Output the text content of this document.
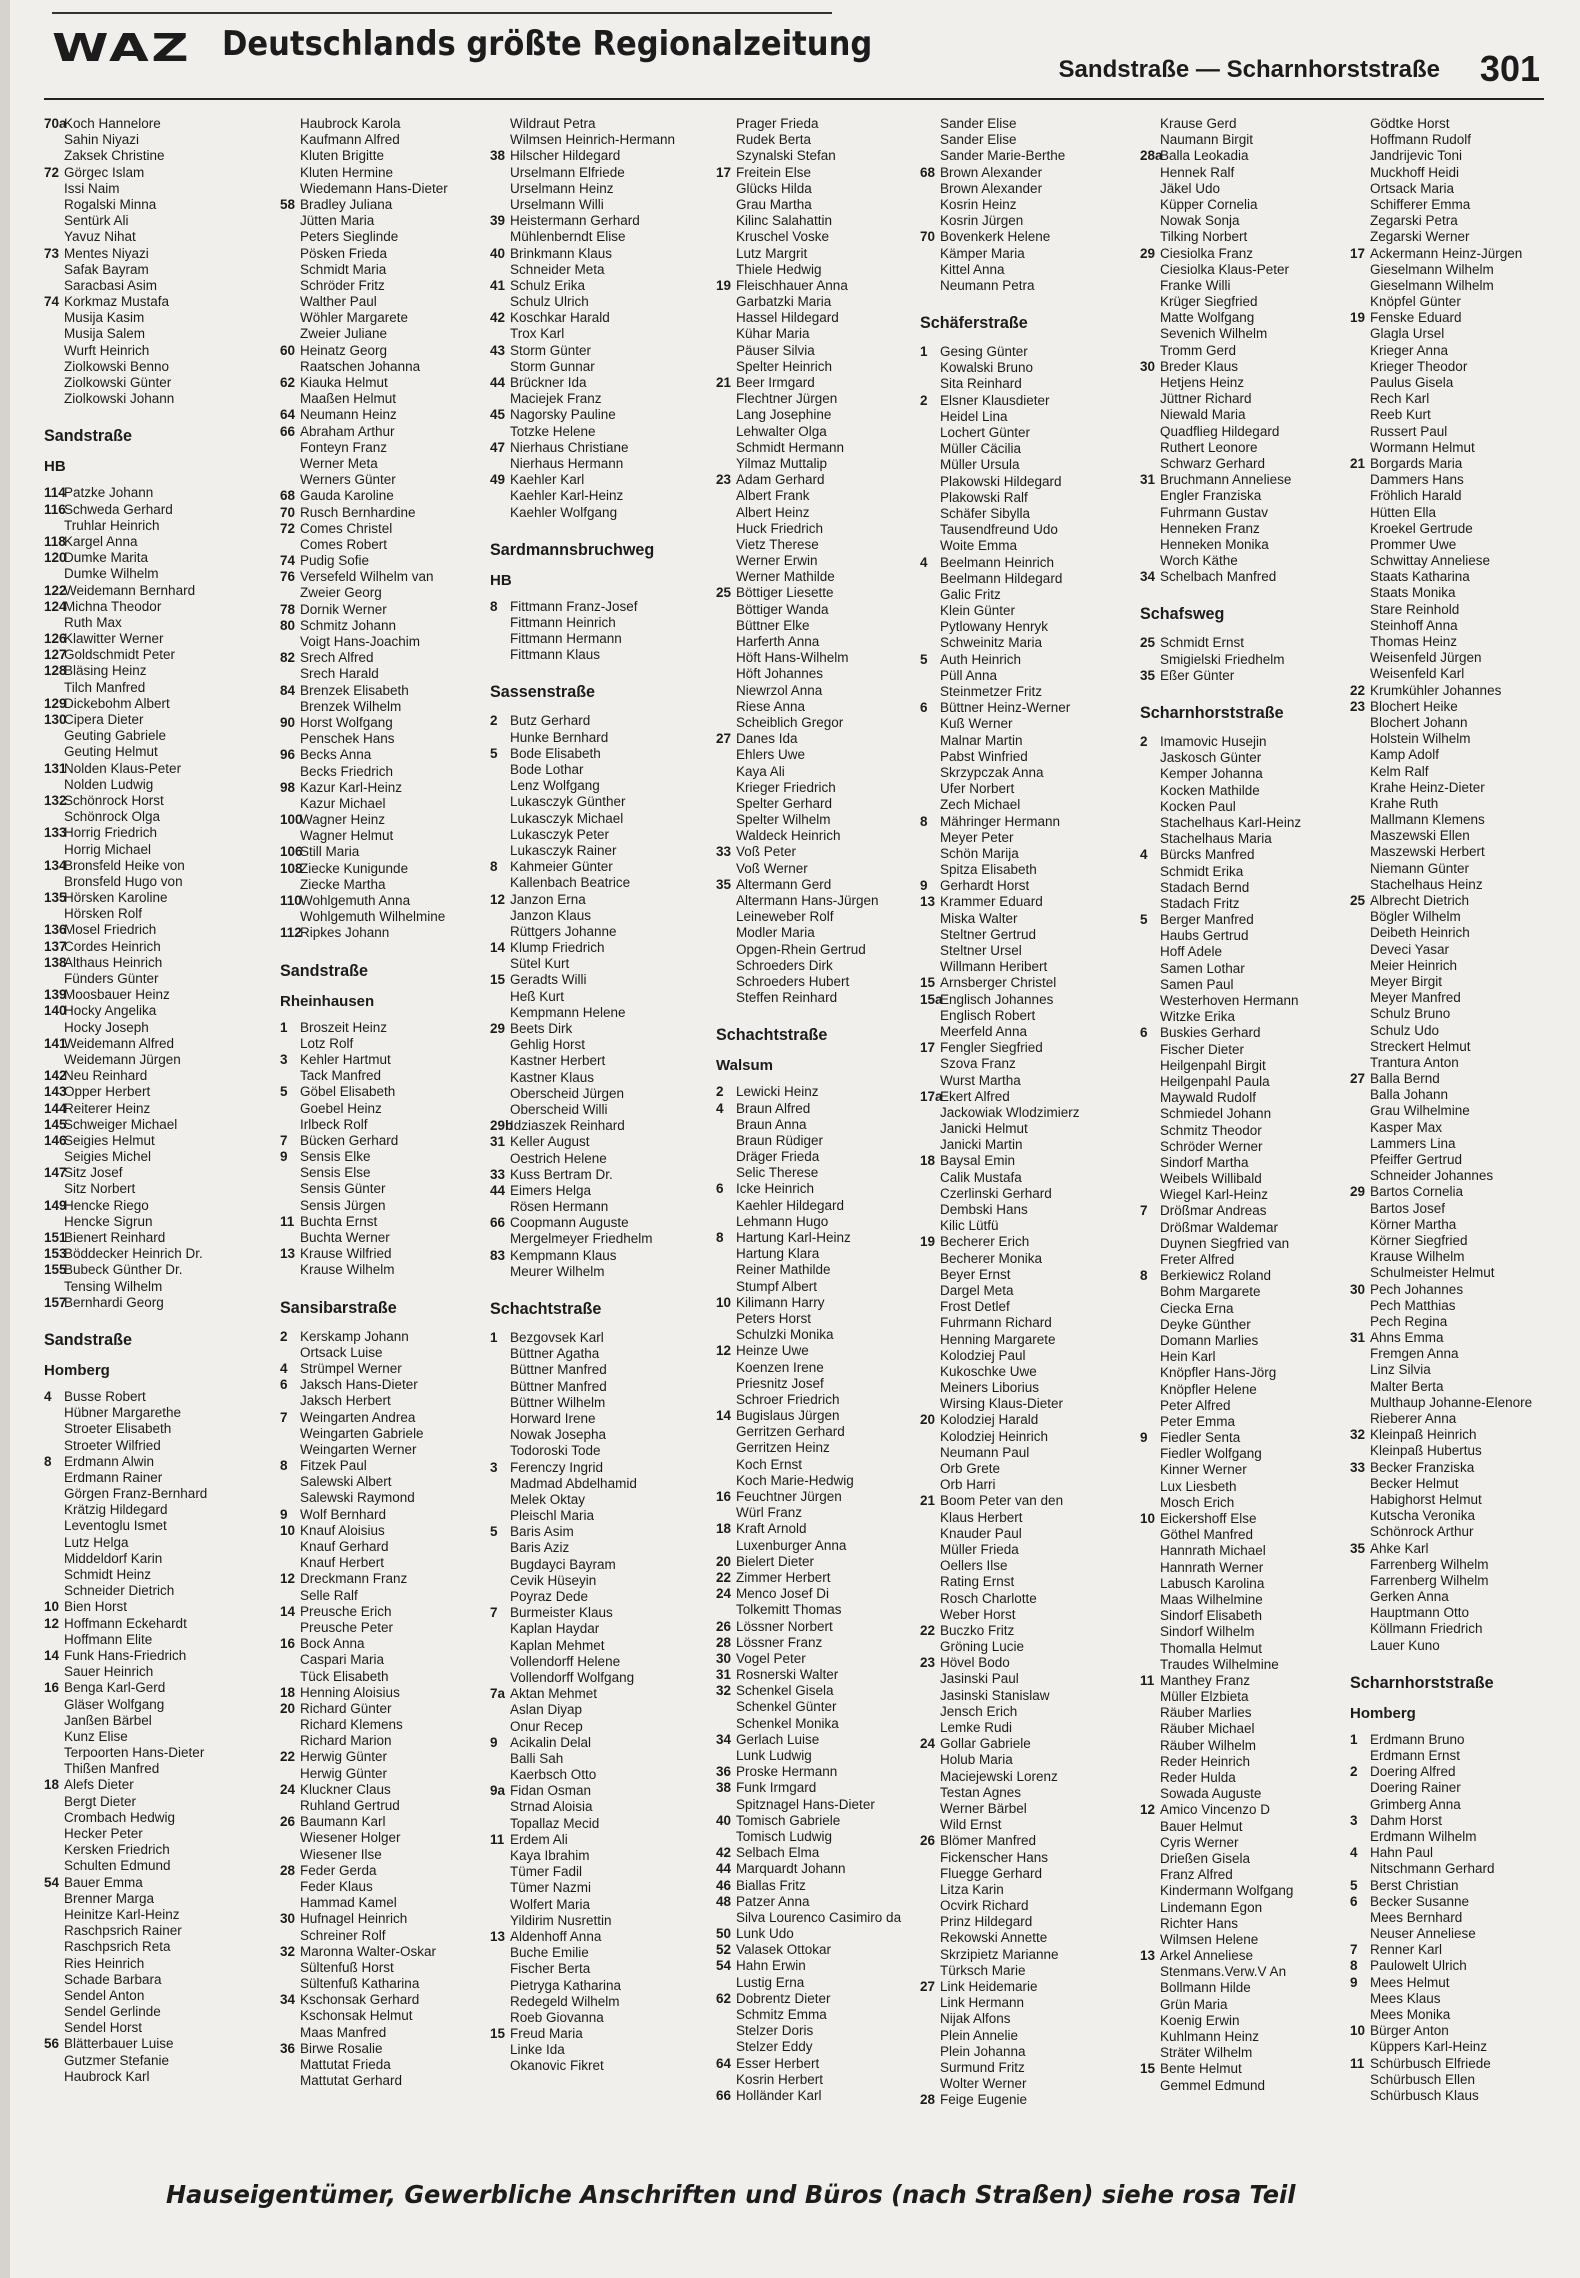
WAZ Deutschlands größte Regionalzeitung
Sandstraße — Scharnhorststraße 301
70aKoch Hannelore
Sahin Niyazi
Zaksek Christine
72 Görgec Islam
Issi Naim
Rogalski Minna
Sentürk Ali
Yavuz Nihat
73 Mentes Niyazi
Safak Bayram
Saracbasi Asim
74 Korkmaz Mustafa
Musija Kasim
Musija Salem
Wurft Heinrich
Ziolkowski Benno
Ziolkowski Günter
Ziolkowski Johann
Sandstraße
HB
114Patzke Johann
116Schweda Gerhard
Truhlar Heinrich
118Kargel Anna
120Dumke Marita
Dumke Wilhelm
122Weidemann Bernhard
124Michna Theodor
Ruth Max
126Klawitter Werner
127Goldschmidt Peter
128Bläsing Heinz
Tilch Manfred
129Dickebohm Albert
130Cipera Dieter
Geuting Gabriele
Geuting Helmut
131Nolden Klaus-Peter
Nolden Ludwig
132Schönrock Horst
Schönrock Olga
133Horrig Friedrich
Horrig Michael
134Bronsfeld Heike von
Bronsfeld Hugo von
135Hörsken Karoline
Hörsken Rolf
136Mosel Friedrich
137Cordes Heinrich
138Althaus Heinrich
Fünders Günter
139Moosbauer Heinz
140Hocky Angelika
Hocky Joseph
141Weidemann Alfred
Weidemann Jürgen
142Neu Reinhard
143Opper Herbert
144Reiterer Heinz
145Schweiger Michael
146Seigies Helmut
Seigies Michel
147Sitz Josef
Sitz Norbert
149Hencke Riego
Hencke Sigrun
151Bienert Reinhard
153Böddecker Heinrich Dr.
155Bubeck Günther Dr.
Tensing Wilhelm
157Bernhardi Georg
Sandstraße
Homberg
4 Busse Robert
Hübner Margarethe
Stroeter Elisabeth
Stroeter Wilfried
8 Erdmann Alwin
Erdmann Rainer
Görgen Franz-Bernhard
Krätzig Hildegard
Leventoglu Ismet
Lutz Helga
Middeldorf Karin
Schmidt Heinz
Schneider Dietrich
10 Bien Horst
12 Hoffmann Eckehardt
Hoffmann Elite
14 Funk Hans-Friedrich
Sauer Heinrich
16 Benga Karl-Gerd
Gläser Wolfgang
Janßen Bärbel
Kunz Elise
Terpoorten Hans-Dieter
Thißen Manfred
18 Alefs Dieter
Bergt Dieter
Crombach Hedwig
Hecker Peter
Kersken Friedrich
Schulten Edmund
54 Bauer Emma
Brenner Marga
Heinitze Karl-Heinz
Raschpsrich Rainer
Raschpsrich Reta
Ries Heinrich
Schade Barbara
Sendel Anton
Sendel Gerlinde
Sendel Horst
56 Blätterbauer Luise
Gutzmer Stefanie
Haubrock Karl
Haubrock Karola
Kaufmann Alfred
Kluten Brigitte
Kluten Hermine
Wiedemann Hans-Dieter
58 Bradley Juliana
Jütten Maria
Peters Sieglinde
Pösken Frieda
Schmidt Maria
Schröder Fritz
Walther Paul
Wöhler Margarete
Zweier Juliane
60 Heinatz Georg
Raatschen Johanna
62 Kiauka Helmut
Maaßen Helmut
64 Neumann Heinz
66 Abraham Arthur
Fonteyn Franz
Werner Meta
Werners Günter
68 Gauda Karoline
70 Rusch Bernhardine
72 Comes Christel
Comes Robert
74 Pudig Sofie
76 Versefeld Wilhelm van
Zweier Georg
78 Dornik Werner
80 Schmitz Johann
Voigt Hans-Joachim
82 Srech Alfred
Srech Harald
84 Brenzek Elisabeth
Brenzek Wilhelm
90 Horst Wolfgang
Penschek Hans
96 Becks Anna
Becks Friedrich
98 Kazur Karl-Heinz
Kazur Michael
100Wagner Heinz
Wagner Helmut
106Still Maria
108Ziecke Kunigunde
Ziecke Martha
110Wohlgemuth Anna
Wohlgemuth Wilhelmine
112Ripkes Johann
Sandstraße
Rheinhausen
1 Broszeit Heinz
Lotz Rolf
3 Kehler Hartmut
Tack Manfred
5 Göbel Elisabeth
Goebel Heinz
Irlbeck Rolf
7 Bücken Gerhard
9 Sensis Elke
Sensis Else
Sensis Günter
Sensis Jürgen
11 Buchta Ernst
Buchta Werner
13 Krause Wilfried
Krause Wilhelm
Sansibarstraße
2 Kerskamp Johann
Ortsack Luise
4 Strümpel Werner
6 Jaksch Hans-Dieter
Jaksch Herbert
7 Weingarten Andrea
Weingarten Gabriele
Weingarten Werner
8 Fitzek Paul
Salewski Albert
Salewski Raymond
9 Wolf Bernhard
10 Knauf Aloisius
Knauf Gerhard
Knauf Herbert
12 Dreckmann Franz
Selle Ralf
14 Preusche Erich
Preusche Peter
16 Bock Anna
Caspari Maria
Tück Elisabeth
18 Henning Aloisius
20 Richard Günter
Richard Klemens
Richard Marion
22 Herwig Günter
Herwig Günter
24 Kluckner Claus
Ruhland Gertrud
26 Baumann Karl
Wiesener Holger
Wiesener Ilse
28 Feder Gerda
Feder Klaus
Hammad Kamel
30 Hufnagel Heinrich
Schreiner Rolf
32 Maronna Walter-Oskar
Sültenfuß Horst
Sültenfuß Katharina
34 Kschonsak Gerhard
Kschonsak Helmut
Maas Manfred
36 Birwe Rosalie
Mattutat Frieda
Mattutat Gerhard
Wildraut Petra
Wilmsen Heinrich-Hermann
38 Hilscher Hildegard
Urselmann Elfriede
Urselmann Heinz
Urselmann Willi
39 Heistermann Gerhard
Mühlenberndt Elise
40 Brinkmann Klaus
Schneider Meta
41 Schulz Erika
Schulz Ulrich
42 Koschkar Harald
Trox Karl
43 Storm Günter
Storm Gunnar
44 Brückner Ida
Maciejek Franz
45 Nagorsky Pauline
Totzke Helene
47 Nierhaus Christiane
Nierhaus Hermann
49 Kaehler Karl
Kaehler Karl-Heinz
Kaehler Wolfgang
Sardmannsbruchweg
HB
8 Fittmann Franz-Josef
Fittmann Heinrich
Fittmann Hermann
Fittmann Klaus
Sassenstraße
2 Butz Gerhard
Hunke Bernhard
5 Bode Elisabeth
Bode Lothar
Lenz Wolfgang
Lukasczyk Günther
Lukasczyk Michael
Lukasczyk Peter
Lukasczyk Rainer
8 Kahmeier Günter
Kallenbach Beatrice
12 Janzon Erna
Janzon Klaus
Rüttgers Johanne
14 Klump Friedrich
Sütel Kurt
15 Geradts Willi
Heß Kurt
Kempmann Helene
29 Beets Dirk
Gehlig Horst
Kastner Herbert
Kastner Klaus
Oberscheid Jürgen
Oberscheid Willi
29bIdziaszek Reinhard
31 Keller August
Oestrich Helene
33 Kuss Bertram Dr.
44 Eimers Helga
Rösen Hermann
66 Coopmann Auguste
Mergelmeyer Friedhelm
83 Kempmann Klaus
Meurer Wilhelm
Schachtstraße
1 Bezgovsek Karl
Büttner Agatha
Büttner Manfred
Büttner Manfred
Büttner Wilhelm
Horward Irene
Nowak Josepha
Todoroski Tode
3 Ferenczy Ingrid
Madmad Abdelhamid
Melek Oktay
Pleischl Maria
5 Baris Asim
Baris Aziz
Bugdayci Bayram
Cevik Hüseyin
Poyraz Dede
7 Burmeister Klaus
Kaplan Haydar
Kaplan Mehmet
Vollendorff Helene
Vollendorff Wolfgang
7a Aktan Mehmet
Aslan Diyap
Onur Recep
9 Acikalin Delal
Balli Sah
Kaerbsch Otto
9a Fidan Osman
Strnad Aloisia
Topallaz Mecid
11 Erdem Ali
Kaya Ibrahim
Tümer Fadil
Tümer Nazmi
Wolfert Maria
Yildirim Nusrettin
13 Aldenhoff Anna
Buche Emilie
Fischer Berta
Pietryga Katharina
Redegeld Wilhelm
Roeb Giovanna
15 Freud Maria
Linke Ida
Okanovic Fikret
Prager Frieda
Rudek Berta
Szynalski Stefan
17 Freitein Else
Glücks Hilda
Grau Martha
Kilinc Salahattin
Kruschel Voske
Lutz Margrit
Thiele Hedwig
19 Fleischhauer Anna
Garbatzki Maria
Hassel Hildegard
Kühar Maria
Päuser Silvia
Spelter Heinrich
21 Beer Irmgard
Flechtner Jürgen
Lang Josephine
Lehwalter Olga
Schmidt Hermann
Yilmaz Muttalip
23 Adam Gerhard
Albert Frank
Albert Heinz
Huck Friedrich
Vietz Therese
Werner Erwin
Werner Mathilde
25 Böttiger Liesette
Böttiger Wanda
Büttner Elke
Harferth Anna
Höft Hans-Wilhelm
Höft Johannes
Niewrzol Anna
Riese Anna
Scheiblich Gregor
27 Danes Ida
Ehlers Uwe
Kaya Ali
Krieger Friedrich
Spelter Gerhard
Spelter Wilhelm
Waldeck Heinrich
33 Voß Peter
Voß Werner
35 Altermann Gerd
Altermann Hans-Jürgen
Leineweber Rolf
Modler Maria
Opgen-Rhein Gertrud
Schroeders Dirk
Schroeders Hubert
Steffen Reinhard
Schachtstraße
Walsum
2 Lewicki Heinz
4 Braun Alfred
Braun Anna
Braun Rüdiger
Dräger Frieda
Selic Therese
6 Icke Heinrich
Kaehler Hildegard
Lehmann Hugo
8 Hartung Karl-Heinz
Hartung Klara
Reiner Mathilde
Stumpf Albert
10 Kilimann Harry
Peters Horst
Schulzki Monika
12 Heinze Uwe
Koenzen Irene
Priesnitz Josef
Schroer Friedrich
14 Bugislaus Jürgen
Gerritzen Gerhard
Gerritzen Heinz
Koch Ernst
Koch Marie-Hedwig
16 Feuchtner Jürgen
Würl Franz
18 Kraft Arnold
Luxenburger Anna
20 Bielert Dieter
22 Zimmer Herbert
24 Menco Josef Di
Tolkemitt Thomas
26 Lössner Norbert
28 Lössner Franz
30 Vogel Peter
31 Rosnerski Walter
32 Schenkel Gisela
Schenkel Günter
Schenkel Monika
34 Gerlach Luise
Lunk Ludwig
36 Proske Hermann
38 Funk Irmgard
Spitznagel Hans-Dieter
40 Tomisch Gabriele
Tomisch Ludwig
42 Selbach Elma
44 Marquardt Johann
46 Biallas Fritz
48 Patzer Anna
Silva Lourenco Casimiro da
50 Lunk Udo
52 Valasek Ottokar
54 Hahn Erwin
Lustig Erna
62 Dobrentz Dieter
Schmitz Emma
Stelzer Doris
Stelzer Eddy
64 Esser Herbert
Kosrin Herbert
66 Holländer Karl
Sander Elise
Sander Elise
Sander Marie-Berthe
68 Brown Alexander
Brown Alexander
Kosrin Heinz
Kosrin Jürgen
70 Bovenkerk Helene
Kämper Maria
Kittel Anna
Neumann Petra
Schäferstraße
1 Gesing Günter
Kowalski Bruno
Sita Reinhard
2 Elsner Klausdieter
Heidel Lina
Lochert Günter
Müller Cäcilia
Müller Ursula
Plakowski Hildegard
Plakowski Ralf
Schäfer Sibylla
Tausendfreund Udo
Woite Emma
4 Beelmann Heinrich
Beelmann Hildegard
Galic Fritz
Klein Günter
Pytlowany Henryk
Schweinitz Maria
5 Auth Heinrich
Püll Anna
Steinmetzer Fritz
6 Büttner Heinz-Werner
Kuß Werner
Malnar Martin
Pabst Winfried
Skrzypczak Anna
Ufer Norbert
Zech Michael
8 Mähringer Hermann
Meyer Peter
Schön Marija
Spitza Elisabeth
9 Gerhardt Horst
13 Krammer Eduard
Miska Walter
Steltner Gertrud
Steltner Ursel
Willmann Heribert
15 Arnsberger Christel
15aEnglisch Johannes
Englisch Robert
Meerfeld Anna
17 Fengler Siegfried
Szova Franz
Wurst Martha
17aEkert Alfred
Jackowiak Wlodzimierz
Janicki Helmut
Janicki Martin
18 Baysal Emin
Calik Mustafa
Czerlinski Gerhard
Dembski Hans
Kilic Lütfü
19 Becherer Erich
Becherer Monika
Beyer Ernst
Dargel Meta
Frost Detlef
Fuhrmann Richard
Henning Margarete
Kolodziej Paul
Kukoschke Uwe
Meiners Liborius
Wirsing Klaus-Dieter
20 Kolodziej Harald
Kolodziej Heinrich
Neumann Paul
Orb Grete
Orb Harri
21 Boom Peter van den
Klaus Herbert
Knauder Paul
Müller Frieda
Oellers Ilse
Rating Ernst
Rosch Charlotte
Weber Horst
22 Buczko Fritz
Gröning Lucie
23 Hövel Bodo
Jasinski Paul
Jasinski Stanislaw
Jensch Erich
Lemke Rudi
24 Gollar Gabriele
Holub Maria
Maciejewski Lorenz
Testan Agnes
Werner Bärbel
Wild Ernst
26 Blömer Manfred
Fickenscher Hans
Fluegge Gerhard
Litza Karin
Ocvirk Richard
Prinz Hildegard
Rekowski Annette
Skrzipietz Marianne
Türksch Marie
27 Link Heidemarie
Link Hermann
Nijak Alfons
Plein Annelie
Plein Johanna
Surmund Fritz
Wolter Werner
28 Feige Eugenie
Krause Gerd
Naumann Birgit
28aBalla Leokadia
Hennek Ralf
Jäkel Udo
Küpper Cornelia
Nowak Sonja
Tilking Norbert
29 Ciesiolka Franz
Ciesiolka Klaus-Peter
Franke Willi
Krüger Siegfried
Matte Wolfgang
Sevenich Wilhelm
Tromm Gerd
30 Breder Klaus
Hetjens Heinz
Jüttner Richard
Niewald Maria
Quadflieg Hildegard
Ruthert Leonore
Schwarz Gerhard
31 Bruchmann Anneliese
Engler Franziska
Fuhrmann Gustav
Henneken Franz
Henneken Monika
Worch Käthe
34 Schelbach Manfred
Schafsweg
25 Schmidt Ernst
Smigielski Friedhelm
35 Eßer Günter
Scharnhorststraße
2 Imamovic Husejin
Jaskosch Günter
Kemper Johanna
Kocken Mathilde
Kocken Paul
Stachelhaus Karl-Heinz
Stachelhaus Maria
4 Bürcks Manfred
Schmidt Erika
Stadach Bernd
Stadach Fritz
5 Berger Manfred
Haubs Gertrud
Hoff Adele
Samen Lothar
Samen Paul
Westerhoven Hermann
Witzke Erika
6 Buskies Gerhard
Fischer Dieter
Heilgenpahl Birgit
Heilgenpahl Paula
Maywald Rudolf
Schmiedel Johann
Schmitz Theodor
Schröder Werner
Sindorf Martha
Weibels Willibald
Wiegel Karl-Heinz
7 Drößmar Andreas
Drößmar Waldemar
Duynen Siegfried van
Freter Alfred
8 Berkiewicz Roland
Bohm Margarete
Ciecka Erna
Deyke Günther
Domann Marlies
Hein Karl
Knöpfler Hans-Jörg
Knöpfler Helene
Peter Alfred
Peter Emma
9 Fiedler Senta
Fiedler Wolfgang
Kinner Werner
Lux Liesbeth
Mosch Erich
10 Eickershoff Else
Göthel Manfred
Hannrath Michael
Hannrath Werner
Labusch Karolina
Maas Wilhelmine
Sindorf Elisabeth
Sindorf Wilhelm
Thomalla Helmut
Traudes Wilhelmine
11 Manthey Franz
Müller Elzbieta
Räuber Marlies
Räuber Michael
Räuber Wilhelm
Reder Heinrich
Reder Hulda
Sowada Auguste
12 Amico Vincenzo D
Bauer Helmut
Cyris Werner
Drießen Gisela
Franz Alfred
Kindermann Wolfgang
Lindemann Egon
Richter Hans
Wilmsen Helene
13 Arkel Anneliese
Stenmans.Verw.V An
Bollmann Hilde
Grün Maria
Koenig Erwin
Kuhlmann Heinz
Sträter Wilhelm
15 Bente Helmut
Gemmel Edmund
Gödtke Horst
Hoffmann Rudolf
Jandrijevic Toni
Muckhoff Heidi
Ortsack Maria
Schifferer Emma
Zegarski Petra
Zegarski Werner
17 Ackermann Heinz-Jürgen
Gieselmann Wilhelm
Gieselmann Wilhelm
Knöpfel Günter
19 Fenske Eduard
Glagla Ursel
Krieger Anna
Krieger Theodor
Paulus Gisela
Rech Karl
Reeb Kurt
Russert Paul
Wormann Helmut
21 Borgards Maria
Dammers Hans
Fröhlich Harald
Hütten Ella
Kroekel Gertrude
Prommer Uwe
Schwittay Anneliese
Staats Katharina
Staats Monika
Stare Reinhold
Steinhoff Anna
Thomas Heinz
Weisenfeld Jürgen
Weisenfeld Karl
22 Krumkühler Johannes
23 Blochert Heike
Blochert Johann
Holstein Wilhelm
Kamp Adolf
Kelm Ralf
Krahe Heinz-Dieter
Krahe Ruth
Mallmann Klemens
Maszewski Ellen
Maszewski Herbert
Niemann Günter
Stachelhaus Heinz
25 Albrecht Dietrich
Bögler Wilhelm
Deibeth Heinrich
Deveci Yasar
Meier Heinrich
Meyer Birgit
Meyer Manfred
Schulz Bruno
Schulz Udo
Streckert Helmut
Trantura Anton
27 Balla Bernd
Balla Johann
Grau Wilhelmine
Kasper Max
Lammers Lina
Pfeiffer Gertrud
Schneider Johannes
29 Bartos Cornelia
Bartos Josef
Körner Martha
Körner Siegfried
Krause Wilhelm
Schulmeister Helmut
30 Pech Johannes
Pech Matthias
Pech Regina
31 Ahns Emma
Fremgen Anna
Linz Silvia
Malter Berta
Multhaup Johanne-Elenore
Rieberer Anna
32 Kleinpaß Heinrich
Kleinpaß Hubertus
33 Becker Franziska
Becker Helmut
Habighorst Helmut
Kutscha Veronika
Schönrock Arthur
35 Ahke Karl
Farrenberg Wilhelm
Farrenberg Wilhelm
Gerken Anna
Hauptmann Otto
Köllmann Friedrich
Lauer Kuno
Scharnhorststraße
Homberg
1 Erdmann Bruno
Erdmann Ernst
2 Doering Alfred
Doering Rainer
Grimberg Anna
3 Dahm Horst
Erdmann Wilhelm
4 Hahn Paul
Nitschmann Gerhard
5 Berst Christian
6 Becker Susanne
Mees Bernhard
Neuser Anneliese
7 Renner Karl
8 Paulowelt Ulrich
9 Mees Helmut
Mees Klaus
Mees Monika
10 Bürger Anton
Küppers Karl-Heinz
11 Schürbusch Elfriede
Schürbusch Ellen
Schürbusch Klaus
Hauseigentümer, Gewerbliche Anschriften und Büros (nach Straßen) siehe rosa Teil
